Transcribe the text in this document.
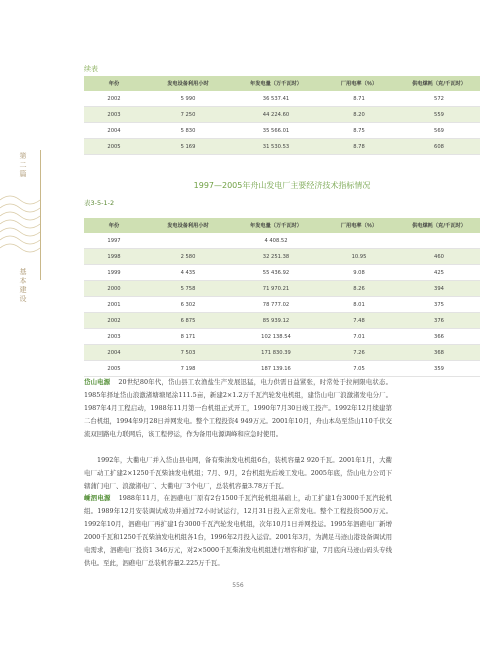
第二篇
基本建设
续表
年份	发电设备利用小时	年发电量（万千瓦时）	厂用电率（％）	供电煤耗（克/千瓦时）
2002	5 990	36 537.41	8.71	572
2003	7 250	44 224.60	8.20	559
2004	5 830	35 566.01	8.75	569
2005	5 169	31 530.53	8.78	608
1997—2005年舟山发电厂主要经济技术指标情况
表3-5-1-2
年份	发电设备利用小时	年发电量（万千瓦时）	厂用电率（％）	供电煤耗（克/千瓦时）
1997		4 408.52		
1998	2 580	32 251.38	10.95	460
1999	4 435	55 436.92	9.08	425
2000	5 758	71 970.21	8.26	394
2001	6 302	78 777.02	8.01	375
2002	6 875	85 939.12	7.48	376
2003	8 171	102 138.54	7.01	366
2004	7 503	171 830.39	7.26	368
2005	7 198	187 139.16	7.05	359
岱山电源 20世纪80年代，岱山县工农渔盐生产发展迅猛，电力供需日益紧张，时常处于拉闸限电状态。1985年择址岱山浪激渚塘塘尾涂111.5亩，新建2×1.2万千瓦汽轮发电机组，建岱山电厂浪激渚发电分厂。1987年4月工程启动，1988年11月第一台机组正式开工，1990年7月30日竣工投产。1992年12月续建第二台机组，1994年9月28日并网发电。整个工程投资4 949万元。2001年10月，舟山本岛至岱山110千伏交流双回路电力联网后，该工程停运，作为备用电源调峰和应急时使用。
1992年，大衢电厂并入岱山县电网，备有柴油发电机组6台，装机容量2 920千瓦。2001年1月，大衢电厂动工扩建2×1250千瓦柴油发电机组；7月、9月，2台机组先后竣工发电。2005年底，岱山电力公司下辖蒲门电厂、浪激渚电厂、大衢电厂3个电厂，总装机容量3.78万千瓦。
嵊泗电源 1988年11月，在泗礁电厂原有2台1500千瓦汽轮机组基础上，动工扩建1台3000千瓦汽轮机组。1989年12月安装调试成功并通过72小时试运行，12月31日投入正常发电。整个工程投资500万元。1992年10月，泗礁电厂再扩建1台3000千瓦汽轮发电机组，次年10月1日并网投运。1995年泗礁电厂新增2000千瓦和1250千瓦柴油发电机组各1台，1996年2月投入运营。2001年3月，为满足马迹山港设备调试用电需求，泗礁电厂投资1 346万元，对2×5000千瓦柴油发电机组进行增容和扩建，7月底向马迹山码头专线供电。至此，泗礁电厂总装机容量2.225万千瓦。
556
